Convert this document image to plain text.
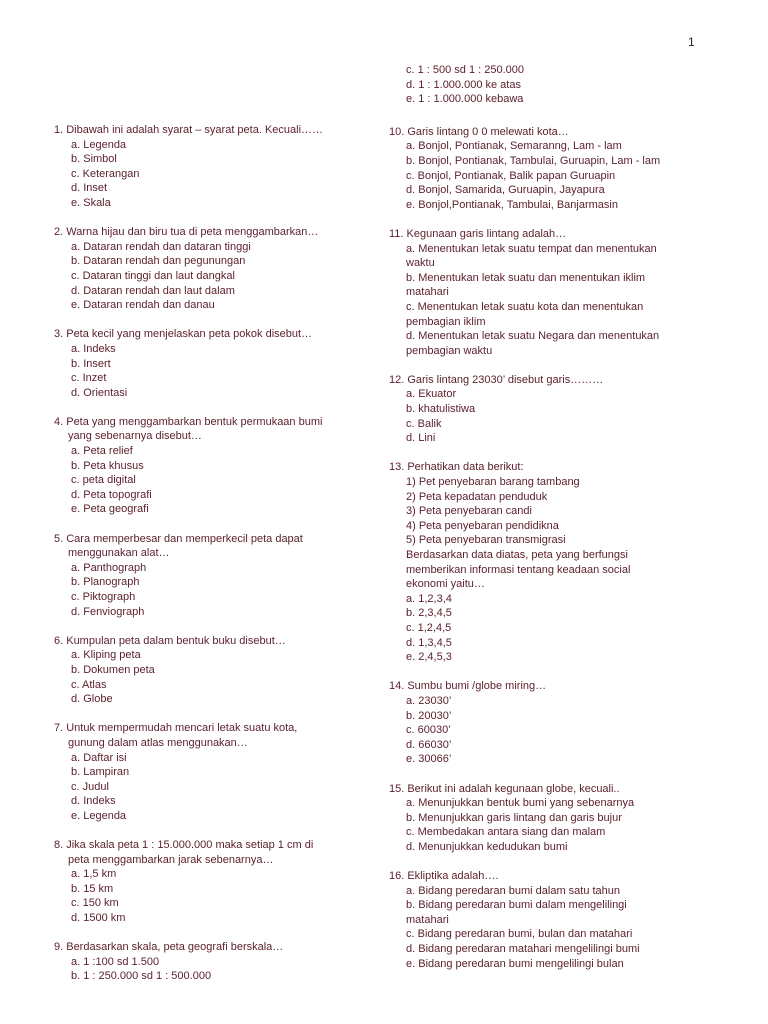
1
c. 1 : 500 sd 1 : 250.000
d. 1 : 1.000.000 ke atas
e. 1 : 1.000.000 kebawa
10. Garis lintang 0 0 melewati kota…
a. Bonjol, Pontianak, Semaranng, Lam - lam
b. Bonjol, Pontianak, Tambulai, Guruapin, Lam - lam
c. Bonjol, Pontianak, Balik papan Guruapin
d. Bonjol, Samarida, Guruapin, Jayapura
e. Bonjol,Pontianak, Tambulai, Banjarmasin
11. Kegunaan garis lintang adalah…
a. Menentukan letak suatu tempat dan menentukan
waktu
b. Menentukan letak suatu dan menentukan iklim
matahari
c. Menentukan letak suatu kota dan menentukan
pembagian iklim
d. Menentukan letak suatu Negara dan menentukan
pembagian waktu
12. Garis lintang 23030’ disebut garis………
a. Ekuator
b. khatulistiwa
c. Balik
d. Lini
13. Perhatikan data berikut:
1) Pet penyebaran barang tambang
2) Peta kepadatan penduduk
3) Peta penyebaran candi
4) Peta penyebaran pendidikna
5) Peta penyebaran transmigrasi
Berdasarkan data diatas, peta yang berfungsi
memberikan informasi tentang keadaan social
ekonomi yaitu…
a. 1,2,3,4
b. 2,3,4,5
c. 1,2,4,5
d. 1,3,4,5
e. 2,4,5,3
14. Sumbu bumi /globe miring…
a. 23030’
b. 20030’
c. 60030’
d. 66030’
e. 30066’
15. Berikut ini adalah kegunaan globe, kecuali..
a. Menunjukkan bentuk bumi yang sebenarnya
b. Menunjukkan garis lintang dan garis bujur
c. Membedakan antara siang dan malam
d. Menunjukkan kedudukan bumi
16. Ekliptika adalah….
a. Bidang peredaran bumi dalam satu tahun
b. Bidang peredaran bumi dalam mengelilingi
matahari
c. Bidang peredaran bumi, bulan dan matahari
d. Bidang peredaran matahari mengelilingi bumi
e. Bidang peredaran bumi mengelilingi bulan
1. Dibawah ini adalah syarat – syarat peta. Kecuali……
a. Legenda
b. Simbol
c. Keterangan
d. Inset
e. Skala
2. Warna hijau dan biru tua di peta menggambarkan…
a. Dataran rendah dan dataran tinggi
b. Dataran rendah dan pegunungan
c. Dataran tinggi dan laut dangkal
d. Dataran rendah dan laut dalam
e. Dataran rendah dan danau
3. Peta kecil yang menjelaskan peta pokok disebut…
a. Indeks
b. Insert
c. Inzet
d. Orientasi
4. Peta yang menggambarkan bentuk permukaan bumi
yang sebenarnya disebut…
a. Peta relief
b. Peta khusus
c. peta digital
d. Peta topografi
e. Peta geografi
5. Cara memperbesar dan memperkecil peta dapat
menggunakan alat…
a. Panthograph
b. Planograph
c. Piktograph
d. Fenviograph
6. Kumpulan peta dalam bentuk buku disebut…
a. Kliping peta
b. Dokumen peta
c. Atlas
d. Globe
7. Untuk mempermudah mencari letak suatu kota,
gunung dalam atlas menggunakan…
a. Daftar isi
b. Lampiran
c. Judul
d. Indeks
e. Legenda
8. Jika skala peta 1 : 15.000.000 maka setiap 1 cm di
peta menggambarkan jarak sebenarnya…
a. 1,5 km
b. 15 km
c. 150 km
d. 1500 km
9. Berdasarkan skala, peta geografi berskala…
a. 1 :100 sd 1.500
b. 1 : 250.000 sd 1 : 500.000
